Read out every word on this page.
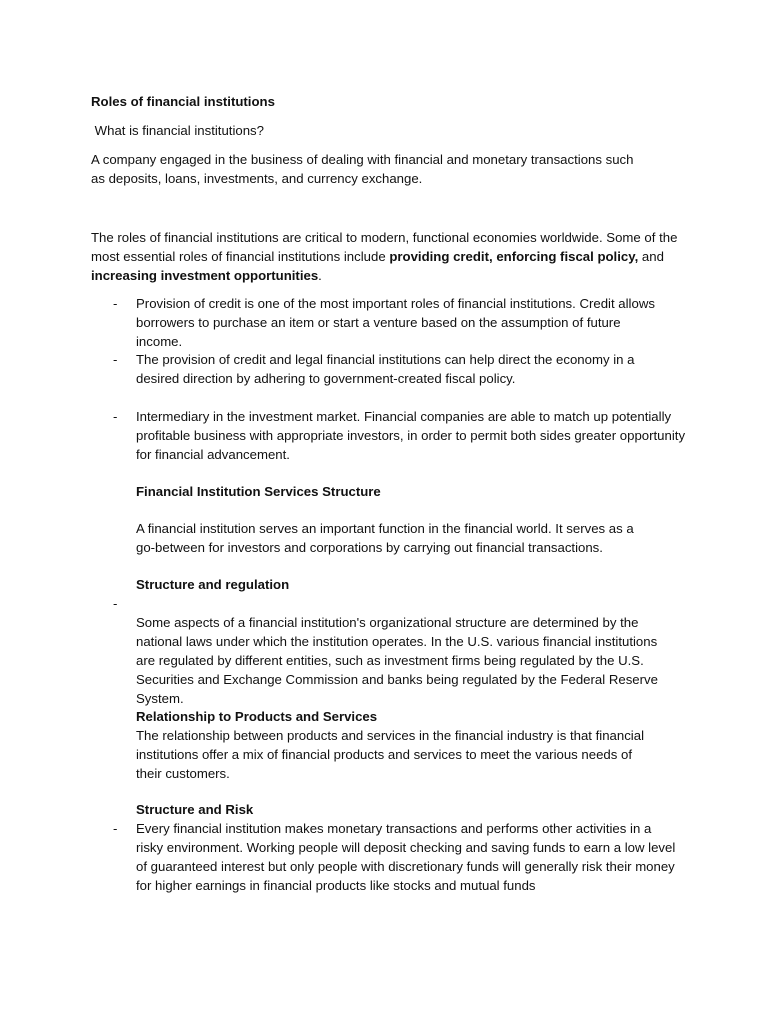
Roles of financial institutions

What is financial institutions?

A company engaged in the business of dealing with financial and monetary transactions such as deposits, loans, investments, and currency exchange.

The roles of financial institutions are critical to modern, functional economies worldwide. Some of the most essential roles of financial institutions include providing credit, enforcing fiscal policy, and increasing investment opportunities.

-	Provision of credit is one of the most important roles of financial institutions. Credit allows borrowers to purchase an item or start a venture based on the assumption of future income.

-	The provision of credit and legal financial institutions can help direct the economy in a desired direction by adhering to government-created fiscal policy.

-	Intermediary in the investment market. Financial companies are able to match up potentially profitable business with appropriate investors, in order to permit both sides greater opportunity for financial advancement.

Financial Institution Services Structure

A financial institution serves an important function in the financial world. It serves as a go-between for investors and corporations by carrying out financial transactions.

Structure and regulation

-

Some aspects of a financial institution's organizational structure are determined by the national laws under which the institution operates. In the U.S. various financial institutions are regulated by different entities, such as investment firms being regulated by the U.S. Securities and Exchange Commission and banks being regulated by the Federal Reserve System.

Relationship to Products and Services

The relationship between products and services in the financial industry is that financial institutions offer a mix of financial products and services to meet the various needs of their customers.

Structure and Risk

-	Every financial institution makes monetary transactions and performs other activities in a risky environment. Working people will deposit checking and saving funds to earn a low level of guaranteed interest but only people with discretionary funds will generally risk their money for higher earnings in financial products like stocks and mutual funds
